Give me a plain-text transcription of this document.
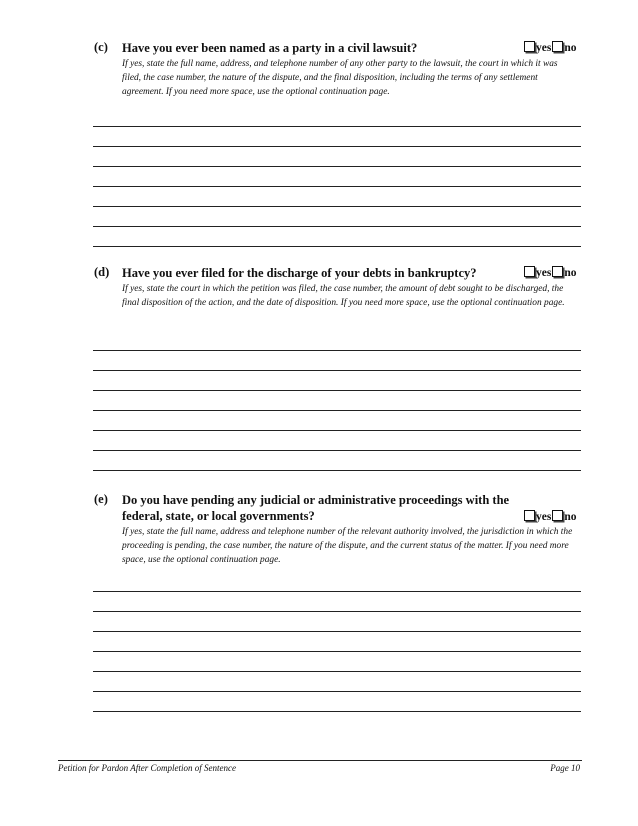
(c) Have you ever been named as a party in a civil lawsuit?	yes no
If yes, state the full name, address, and telephone number of any other party to the lawsuit, the court in which it was filed, the case number, the nature of the dispute, and the final disposition, including the terms of any settlement agreement. If you need more space, use the optional continuation page.
(d) Have you ever filed for the discharge of your debts in bankruptcy?	yes no
If yes, state the court in which the petition was filed, the case number, the amount of debt sought to be discharged, the final disposition of the action, and the date of disposition. If you need more space, use the optional continuation page.
(e) Do you have pending any judicial or administrative proceedings with the federal, state, or local governments?	yes no
If yes, state the full name, address and telephone number of the relevant authority involved, the jurisdiction in which the proceeding is pending, the case number, the nature of the dispute, and the current status of the matter. If you need more space, use the optional continuation page.
Petition for Pardon After Completion of Sentence	Page 10
